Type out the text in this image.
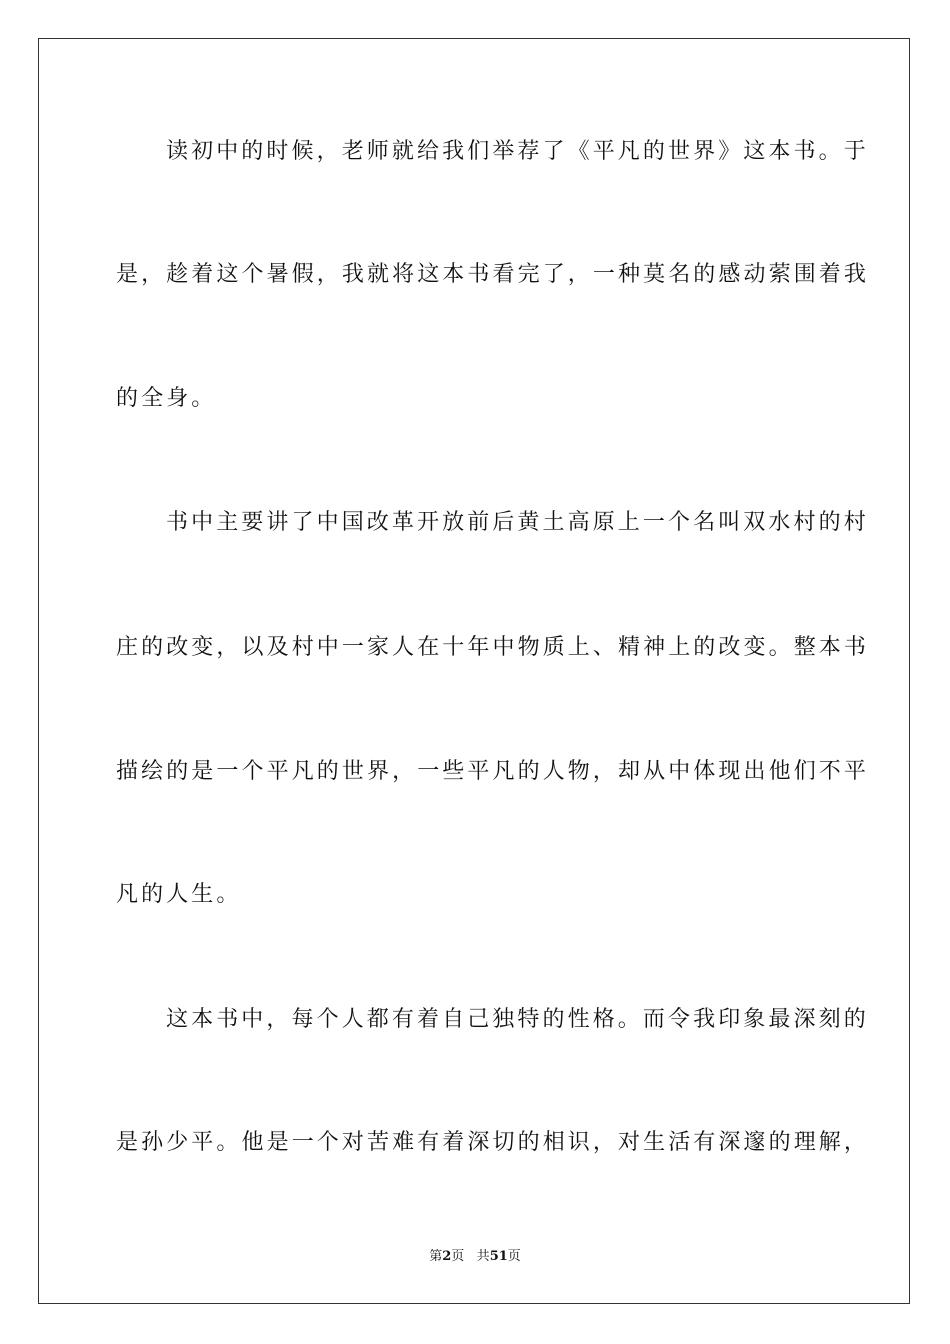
读初中的时候，老师就给我们举荐了《平凡的世界》这本书。于
是，趁着这个暑假，我就将这本书看完了，一种莫名的感动萦围着我
的全身。
书中主要讲了中国改革开放前后黄土高原上一个名叫双水村的村
庄的改变，以及村中一家人在十年中物质上、精神上的改变。整本书
描绘的是一个平凡的世界，一些平凡的人物，却从中体现出他们不平
凡的人生。
这本书中，每个人都有着自己独特的性格。而令我印象最深刻的
是孙少平。他是一个对苦难有着深切的相识，对生活有深邃的理解，
第2页 共51页
